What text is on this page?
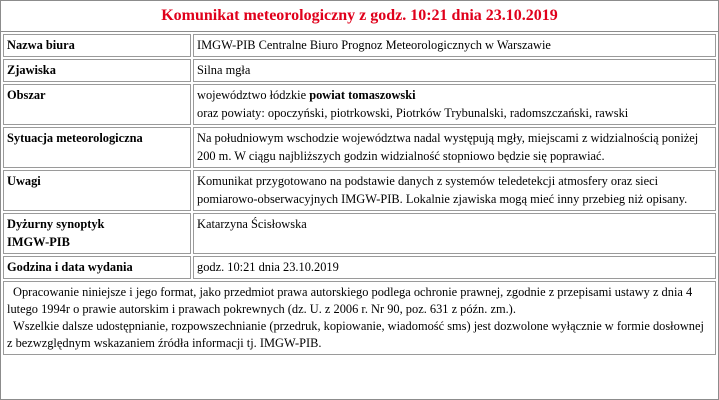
Komunikat meteorologiczny z godz. 10:21 dnia 23.10.2019
Nazwa biura	IMGW-PIB Centralne Biuro Prognoz Meteorologicznych w Warszawie
Zjawiska	Silna mgła
Obszar	województwo łódzkie powiat tomaszowski
oraz powiaty: opoczyński, piotrkowski, Piotrków Trybunalski, radomszczański, rawski
Sytuacja meteorologiczna	Na południowym wschodzie województwa nadal występują mgły, miejscami z widzialnością poniżej 200 m. W ciągu najbliższych godzin widzialność stopniowo będzie się poprawiać.
Uwagi	Komunikat przygotowano na podstawie danych z systemów teledetekcji atmosfery oraz sieci pomiarowo-obserwacyjnych IMGW-PIB. Lokalnie zjawiska mogą mieć inny przebieg niż opisany.
Dyżurny synoptyk
IMGW-PIB	Katarzyna Ścisłowska
Godzina i data wydania	godz. 10:21 dnia 23.10.2019

Opracowanie niniejsze i jego format, jako przedmiot prawa autorskiego podlega ochronie prawnej, zgodnie z przepisami ustawy z dnia 4 lutego 1994r o prawie autorskim i prawach pokrewnych (dz. U. z 2006 r. Nr 90, poz. 631 z późn. zm.).

Wszelkie dalsze udostępnianie, rozpowszechnianie (przedruk, kopiowanie, wiadomość sms) jest dozwolone wyłącznie w formie dosłownej z bezwzględnym wskazaniem źródła informacji tj. IMGW-PIB.
